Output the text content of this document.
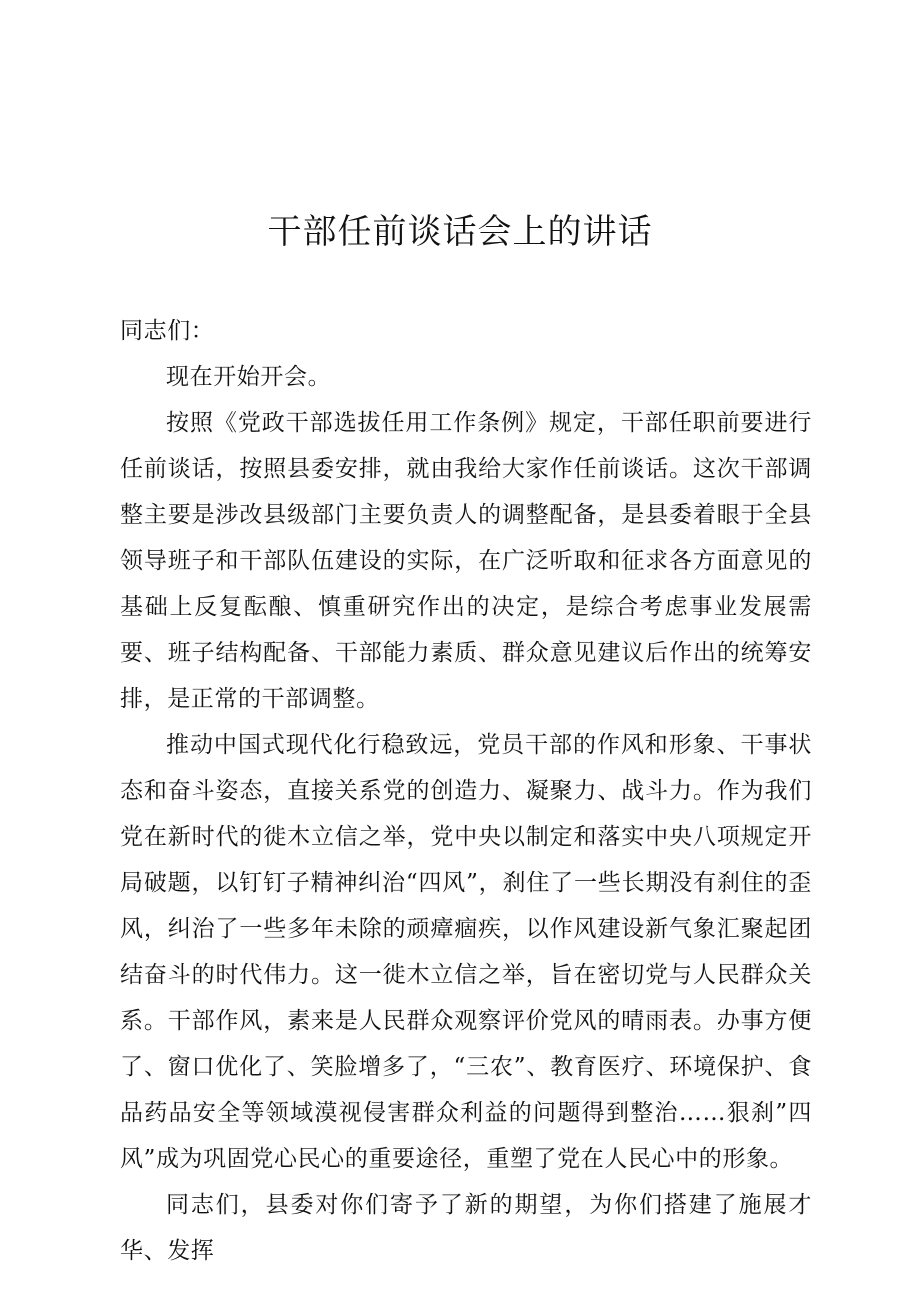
干部任前谈话会上的讲话

同志们：

现在开始开会。

按照《党政干部选拔任用工作条例》规定，干部任职前要进行任前谈话，按照县委安排，就由我给大家作任前谈话。这次干部调整主要是涉改县级部门主要负责人的调整配备，是县委着眼于全县领导班子和干部队伍建设的实际，在广泛听取和征求各方面意见的基础上反复酝酿、慎重研究作出的决定，是综合考虑事业发展需要、班子结构配备、干部能力素质、群众意见建议后作出的统筹安排，是正常的干部调整。

推动中国式现代化行稳致远，党员干部的作风和形象、干事状态和奋斗姿态，直接关系党的创造力、凝聚力、战斗力。作为我们党在新时代的徙木立信之举，党中央以制定和落实中央八项规定开局破题，以钉钉子精神纠治“四风”，刹住了一些长期没有刹住的歪风，纠治了一些多年未除的顽瘴痼疾，以作风建设新气象汇聚起团结奋斗的时代伟力。这一徙木立信之举，旨在密切党与人民群众关系。干部作风，素来是人民群众观察评价党风的晴雨表。办事方便了、窗口优化了、笑脸增多了，“三农”、教育医疗、环境保护、食品药品安全等领域漠视侵害群众利益的问题得到整治……狠刹”四风”成为巩固党心民心的重要途径，重塑了党在人民心中的形象。

同志们，县委对你们寄予了新的期望，为你们搭建了施展才华、发挥
